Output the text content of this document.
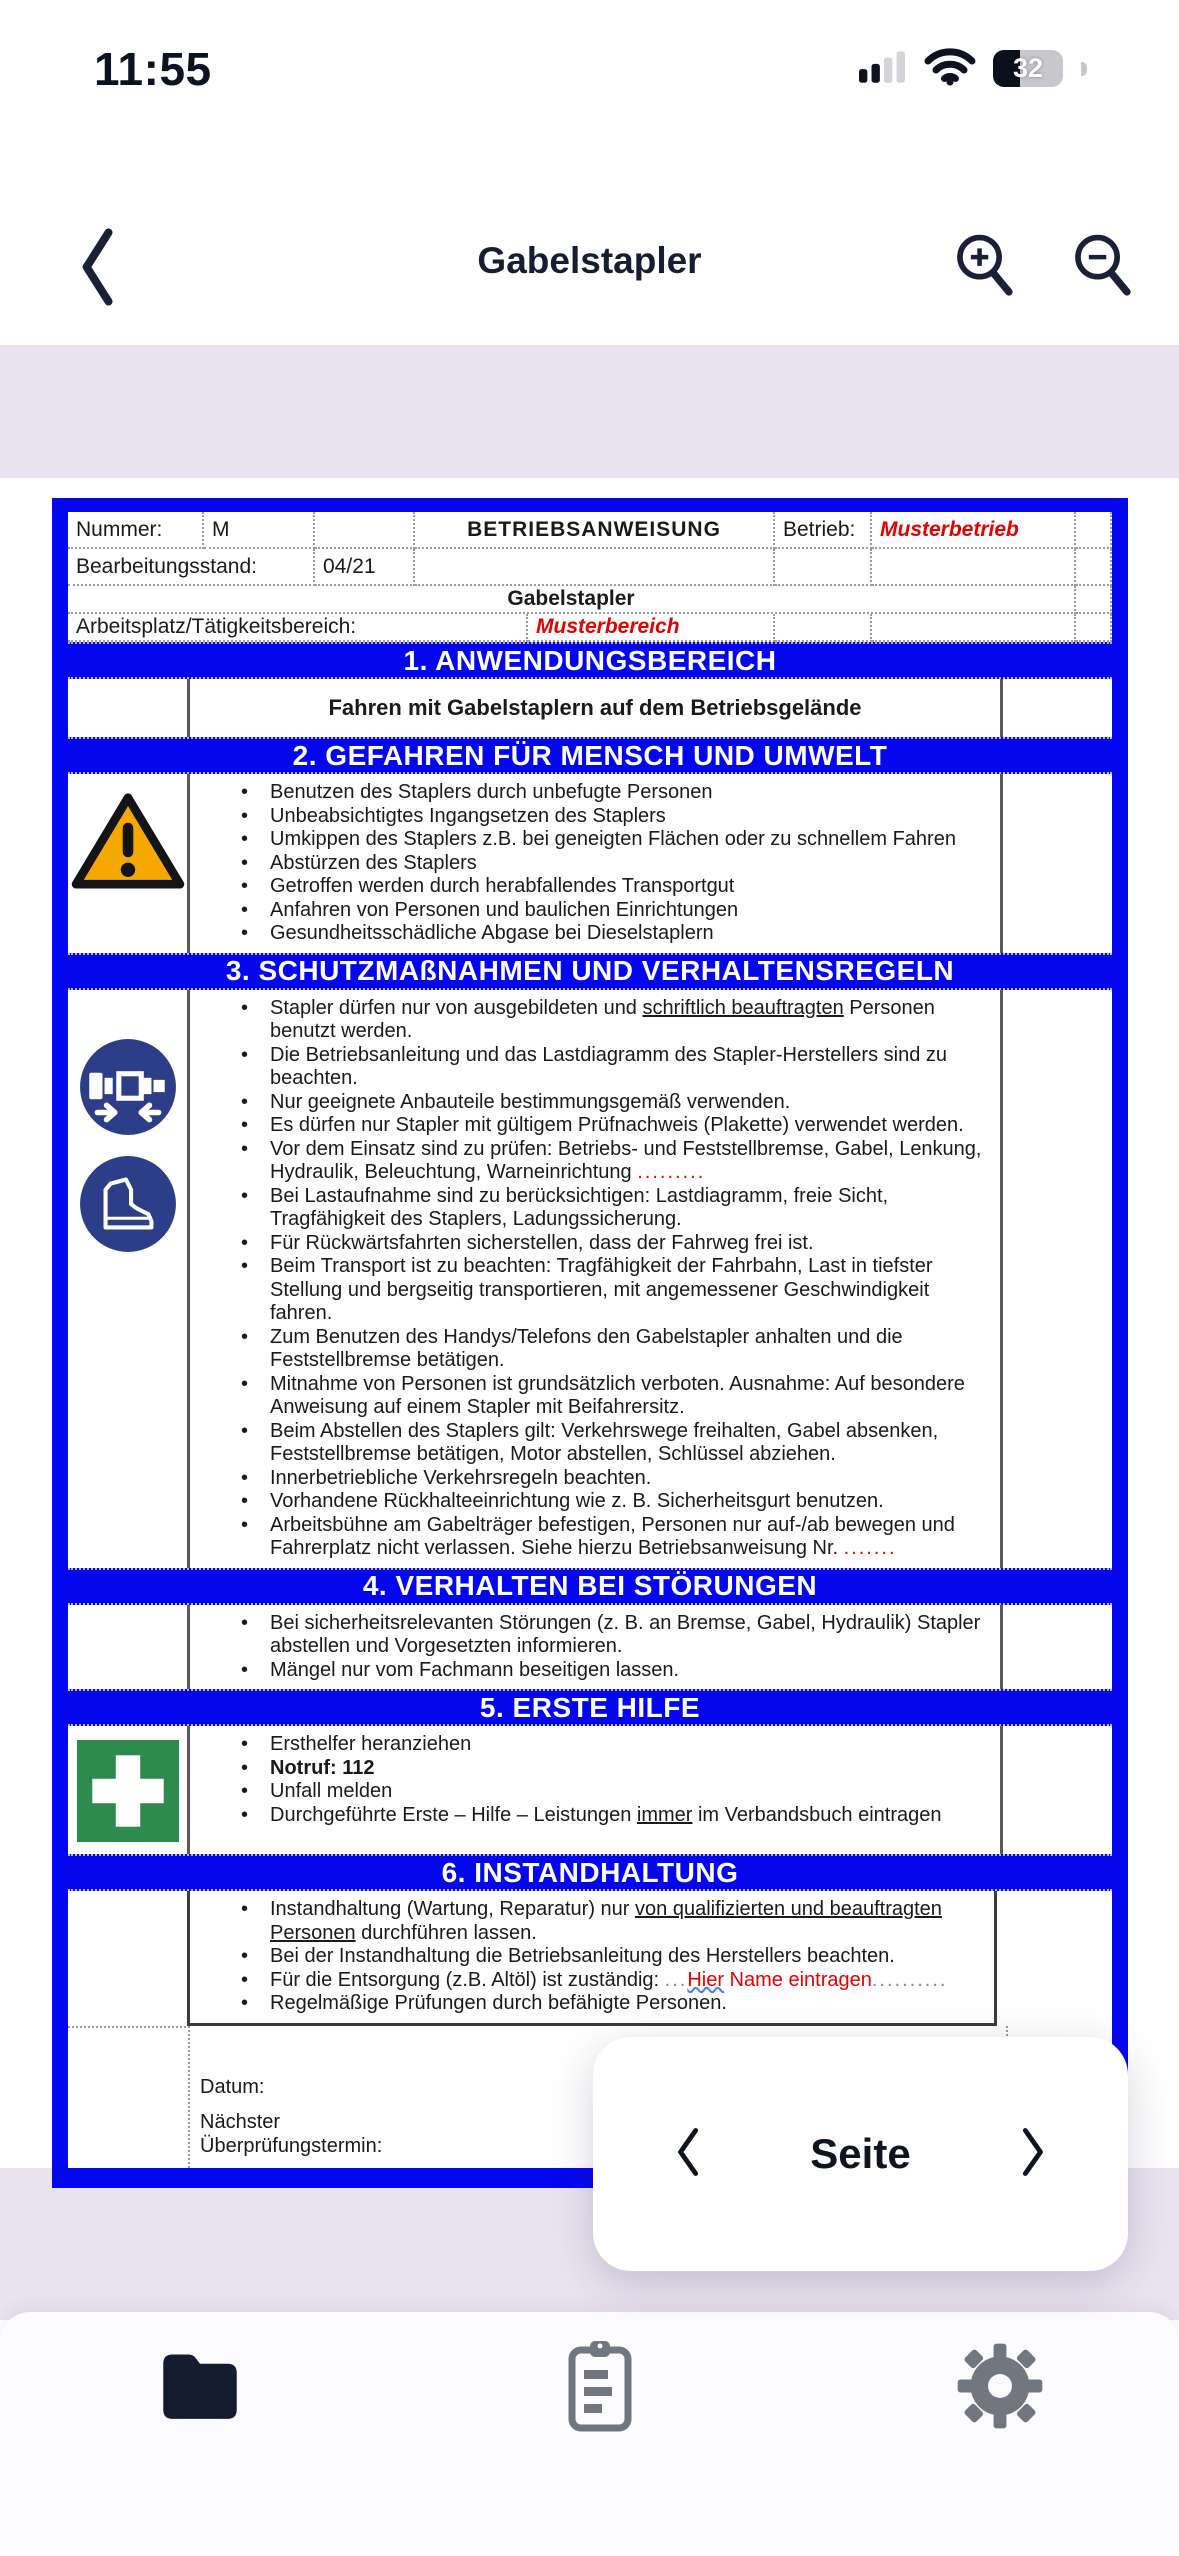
11:55	32
Gabelstapler
Nummer:	M	BETRIEBSANWEISUNG	Betrieb:	Musterbetrieb
Bearbeitungsstand:	04/21
Gabelstapler
Arbeitsplatz/Tätigkeitsbereich:	Musterbereich
1. ANWENDUNGSBEREICH
Fahren mit Gabelstaplern auf dem Betriebsgelände
2. GEFAHREN FÜR MENSCH UND UMWELT
• Benutzen des Staplers durch unbefugte Personen
• Unbeabsichtigtes Ingangsetzen des Staplers
• Umkippen des Staplers z.B. bei geneigten Flächen oder zu schnellem Fahren
• Abstürzen des Staplers
• Getroffen werden durch herabfallendes Transportgut
• Anfahren von Personen und baulichen Einrichtungen
• Gesundheitsschädliche Abgase bei Dieselstaplern
3. SCHUTZMAßNAHMEN UND VERHALTENSREGELN
• Stapler dürfen nur von ausgebildeten und schriftlich beauftragten Personen benutzt werden.
• Die Betriebsanleitung und das Lastdiagramm des Stapler-Herstellers sind zu beachten.
• Nur geeignete Anbauteile bestimmungsgemäß verwenden.
• Es dürfen nur Stapler mit gültigem Prüfnachweis (Plakette) verwendet werden.
• Vor dem Einsatz sind zu prüfen: Betriebs- und Feststellbremse, Gabel, Lenkung, Hydraulik, Beleuchtung, Warneinrichtung .........
• Bei Lastaufnahme sind zu berücksichtigen: Lastdiagramm, freie Sicht, Tragfähigkeit des Staplers, Ladungssicherung.
• Für Rückwärtsfahrten sicherstellen, dass der Fahrweg frei ist.
• Beim Transport ist zu beachten: Tragfähigkeit der Fahrbahn, Last in tiefster Stellung und bergseitig transportieren, mit angemessener Geschwindigkeit fahren.
• Zum Benutzen des Handys/Telefons den Gabelstapler anhalten und die Feststellbremse betätigen.
• Mitnahme von Personen ist grundsätzlich verboten. Ausnahme: Auf besondere Anweisung auf einem Stapler mit Beifahrersitz.
• Beim Abstellen des Staplers gilt: Verkehrswege freihalten, Gabel absenken, Feststellbremse betätigen, Motor abstellen, Schlüssel abziehen.
• Innerbetriebliche Verkehrsregeln beachten.
• Vorhandene Rückhalteeinrichtung wie z. B. Sicherheitsgurt benutzen.
• Arbeitsbühne am Gabelträger befestigen, Personen nur auf-/ab bewegen und Fahrerplatz nicht verlassen. Siehe hierzu Betriebsanweisung Nr. .......
4. VERHALTEN BEI STÖRUNGEN
• Bei sicherheitsrelevanten Störungen (z. B. an Bremse, Gabel, Hydraulik) Stapler abstellen und Vorgesetzten informieren.
• Mängel nur vom Fachmann beseitigen lassen.
5. ERSTE HILFE
• Ersthelfer heranziehen
• Notruf: 112
• Unfall melden
• Durchgeführte Erste – Hilfe – Leistungen immer im Verbandsbuch eintragen
6. INSTANDHALTUNG
• Instandhaltung (Wartung, Reparatur) nur von qualifizierten und beauftragten Personen durchführen lassen.
• Bei der Instandhaltung die Betriebsanleitung des Herstellers beachten.
• Für die Entsorgung (z.B. Altöl) ist zuständig: ...Hier Name eintragen..........
• Regelmäßige Prüfungen durch befähigte Personen.
Datum:
Nächster
Überprüfungstermin:	Seite
